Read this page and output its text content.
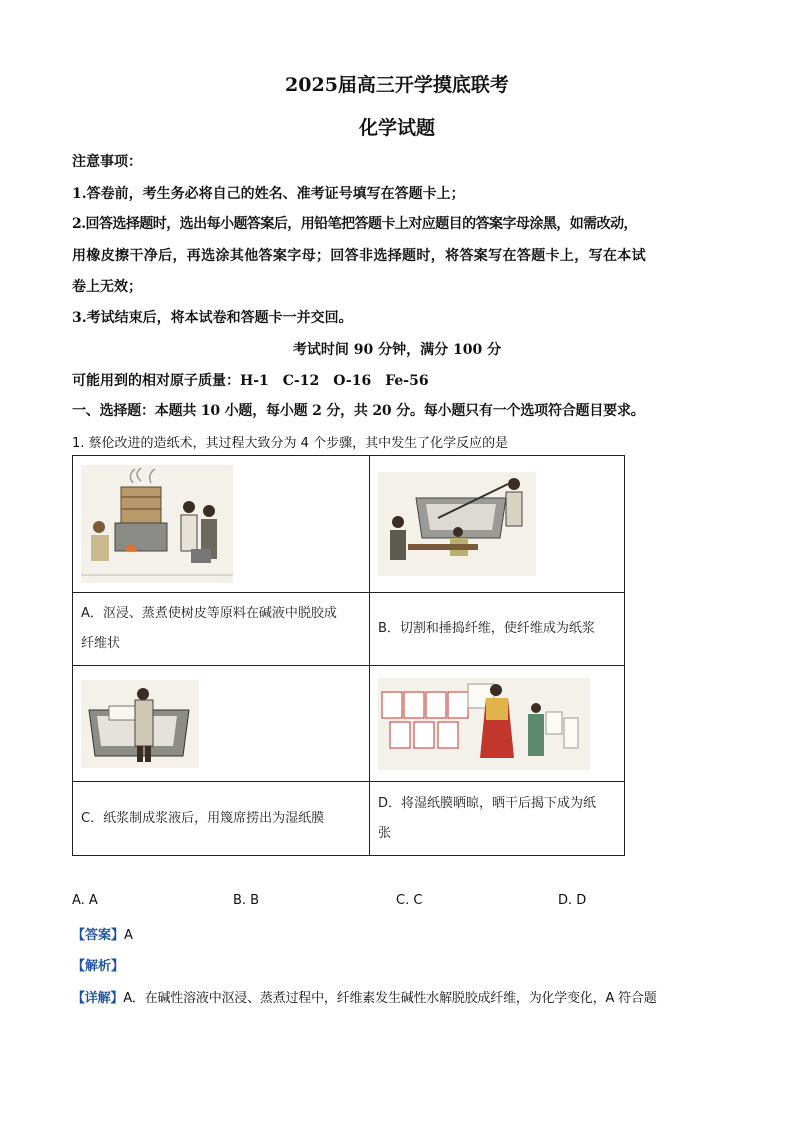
2025届高三开学摸底联考
化学试题
注意事项：
1.答卷前，考生务必将自己的姓名、准考证号填写在答题卡上；
2.回答选择题时，选出每小题答案后，用铅笔把答题卡上对应题目的答案字母涂黑，如需改动，
用橡皮擦干净后，再选涂其他答案字母；回答非选择题时，将答案写在答题卡上，写在本试
卷上无效；
3.考试结束后，将本试卷和答题卡一并交回。
考试时间 90 分钟，满分 100 分
可能用到的相对原子质量：H-1　C-12　O-16　Fe-56
一、选择题：本题共 10 小题，每小题 2 分，共 20 分。每小题只有一个选项符合题目要求。
1. 蔡伦改进的造纸术，其过程大致分为 4 个步骤，其中发生了化学反应的是

A．沤浸、蒸煮使树皮等原料在碱液中脱胶成
纤维状	B．切割和捶捣纤维，使纤维成为纸浆

C．纸浆制成浆液后，用篾席捞出为湿纸膜	D．将湿纸膜晒晾，晒干后揭下成为纸
张
A. A	B. B	C. C	D. D
【答案】A
【解析】
【详解】A．在碱性溶液中沤浸、蒸煮过程中，纤维素发生碱性水解脱胶成纤维，为化学变化，A 符合题
